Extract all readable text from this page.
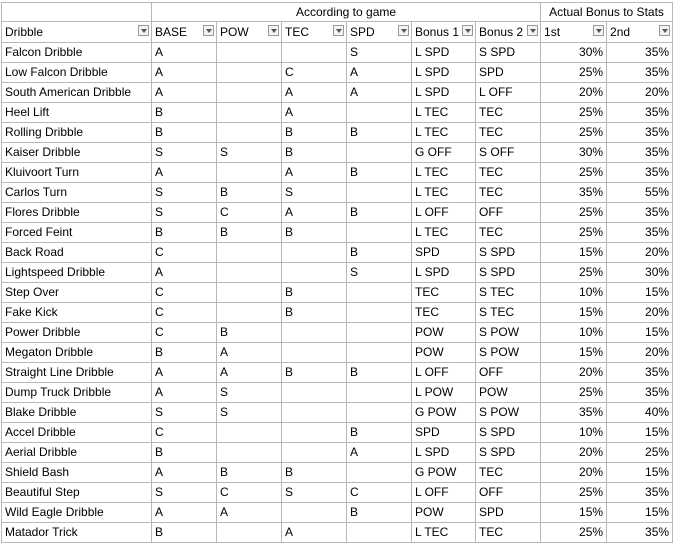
	According to game						Actual Bonus to Stats	

Dribble	BASE	POW	TEC	SPD	Bonus 1	Bonus 2	1st	2nd

Falcon Dribble	A			S	L SPD	S SPD	30%	35%
Low Falcon Dribble	A		C	A	L SPD	SPD	25%	35%
South American Dribble	A		A	A	L SPD	L OFF	20%	20%
Heel Lift	B		A		L TEC	TEC	25%	35%
Rolling Dribble	B		B	B	L TEC	TEC	25%	35%
Kaiser Dribble	S	S	B		G OFF	S OFF	30%	35%
Kluivoort Turn	A		A	B	L TEC	TEC	25%	35%
Carlos Turn	S	B	S		L TEC	TEC	35%	55%
Flores Dribble	S	C	A	B	L OFF	OFF	25%	35%
Forced Feint	B	B	B		L TEC	TEC	25%	35%
Back Road	C			B	SPD	S SPD	15%	20%
Lightspeed Dribble	A			S	L SPD	S SPD	25%	30%
Step Over	C		B		TEC	S TEC	10%	15%
Fake Kick	C		B		TEC	S TEC	15%	20%
Power Dribble	C	B			POW	S POW	10%	15%
Megaton Dribble	B	A			POW	S POW	15%	20%
Straight Line Dribble	A	A	B	B	L OFF	OFF	20%	35%
Dump Truck Dribble	A	S			L POW	POW	25%	35%
Blake Dribble	S	S			G POW	S POW	35%	40%
Accel Dribble	C			B	SPD	S SPD	10%	15%
Aerial Dribble	B			A	L SPD	S SPD	20%	25%
Shield Bash	A	B	B		G POW	TEC	20%	15%
Beautiful Step	S	C	S	C	L OFF	OFF	25%	35%
Wild Eagle Dribble	A	A		B	POW	SPD	15%	15%
Matador Trick	B		A		L TEC	TEC	25%	35%
